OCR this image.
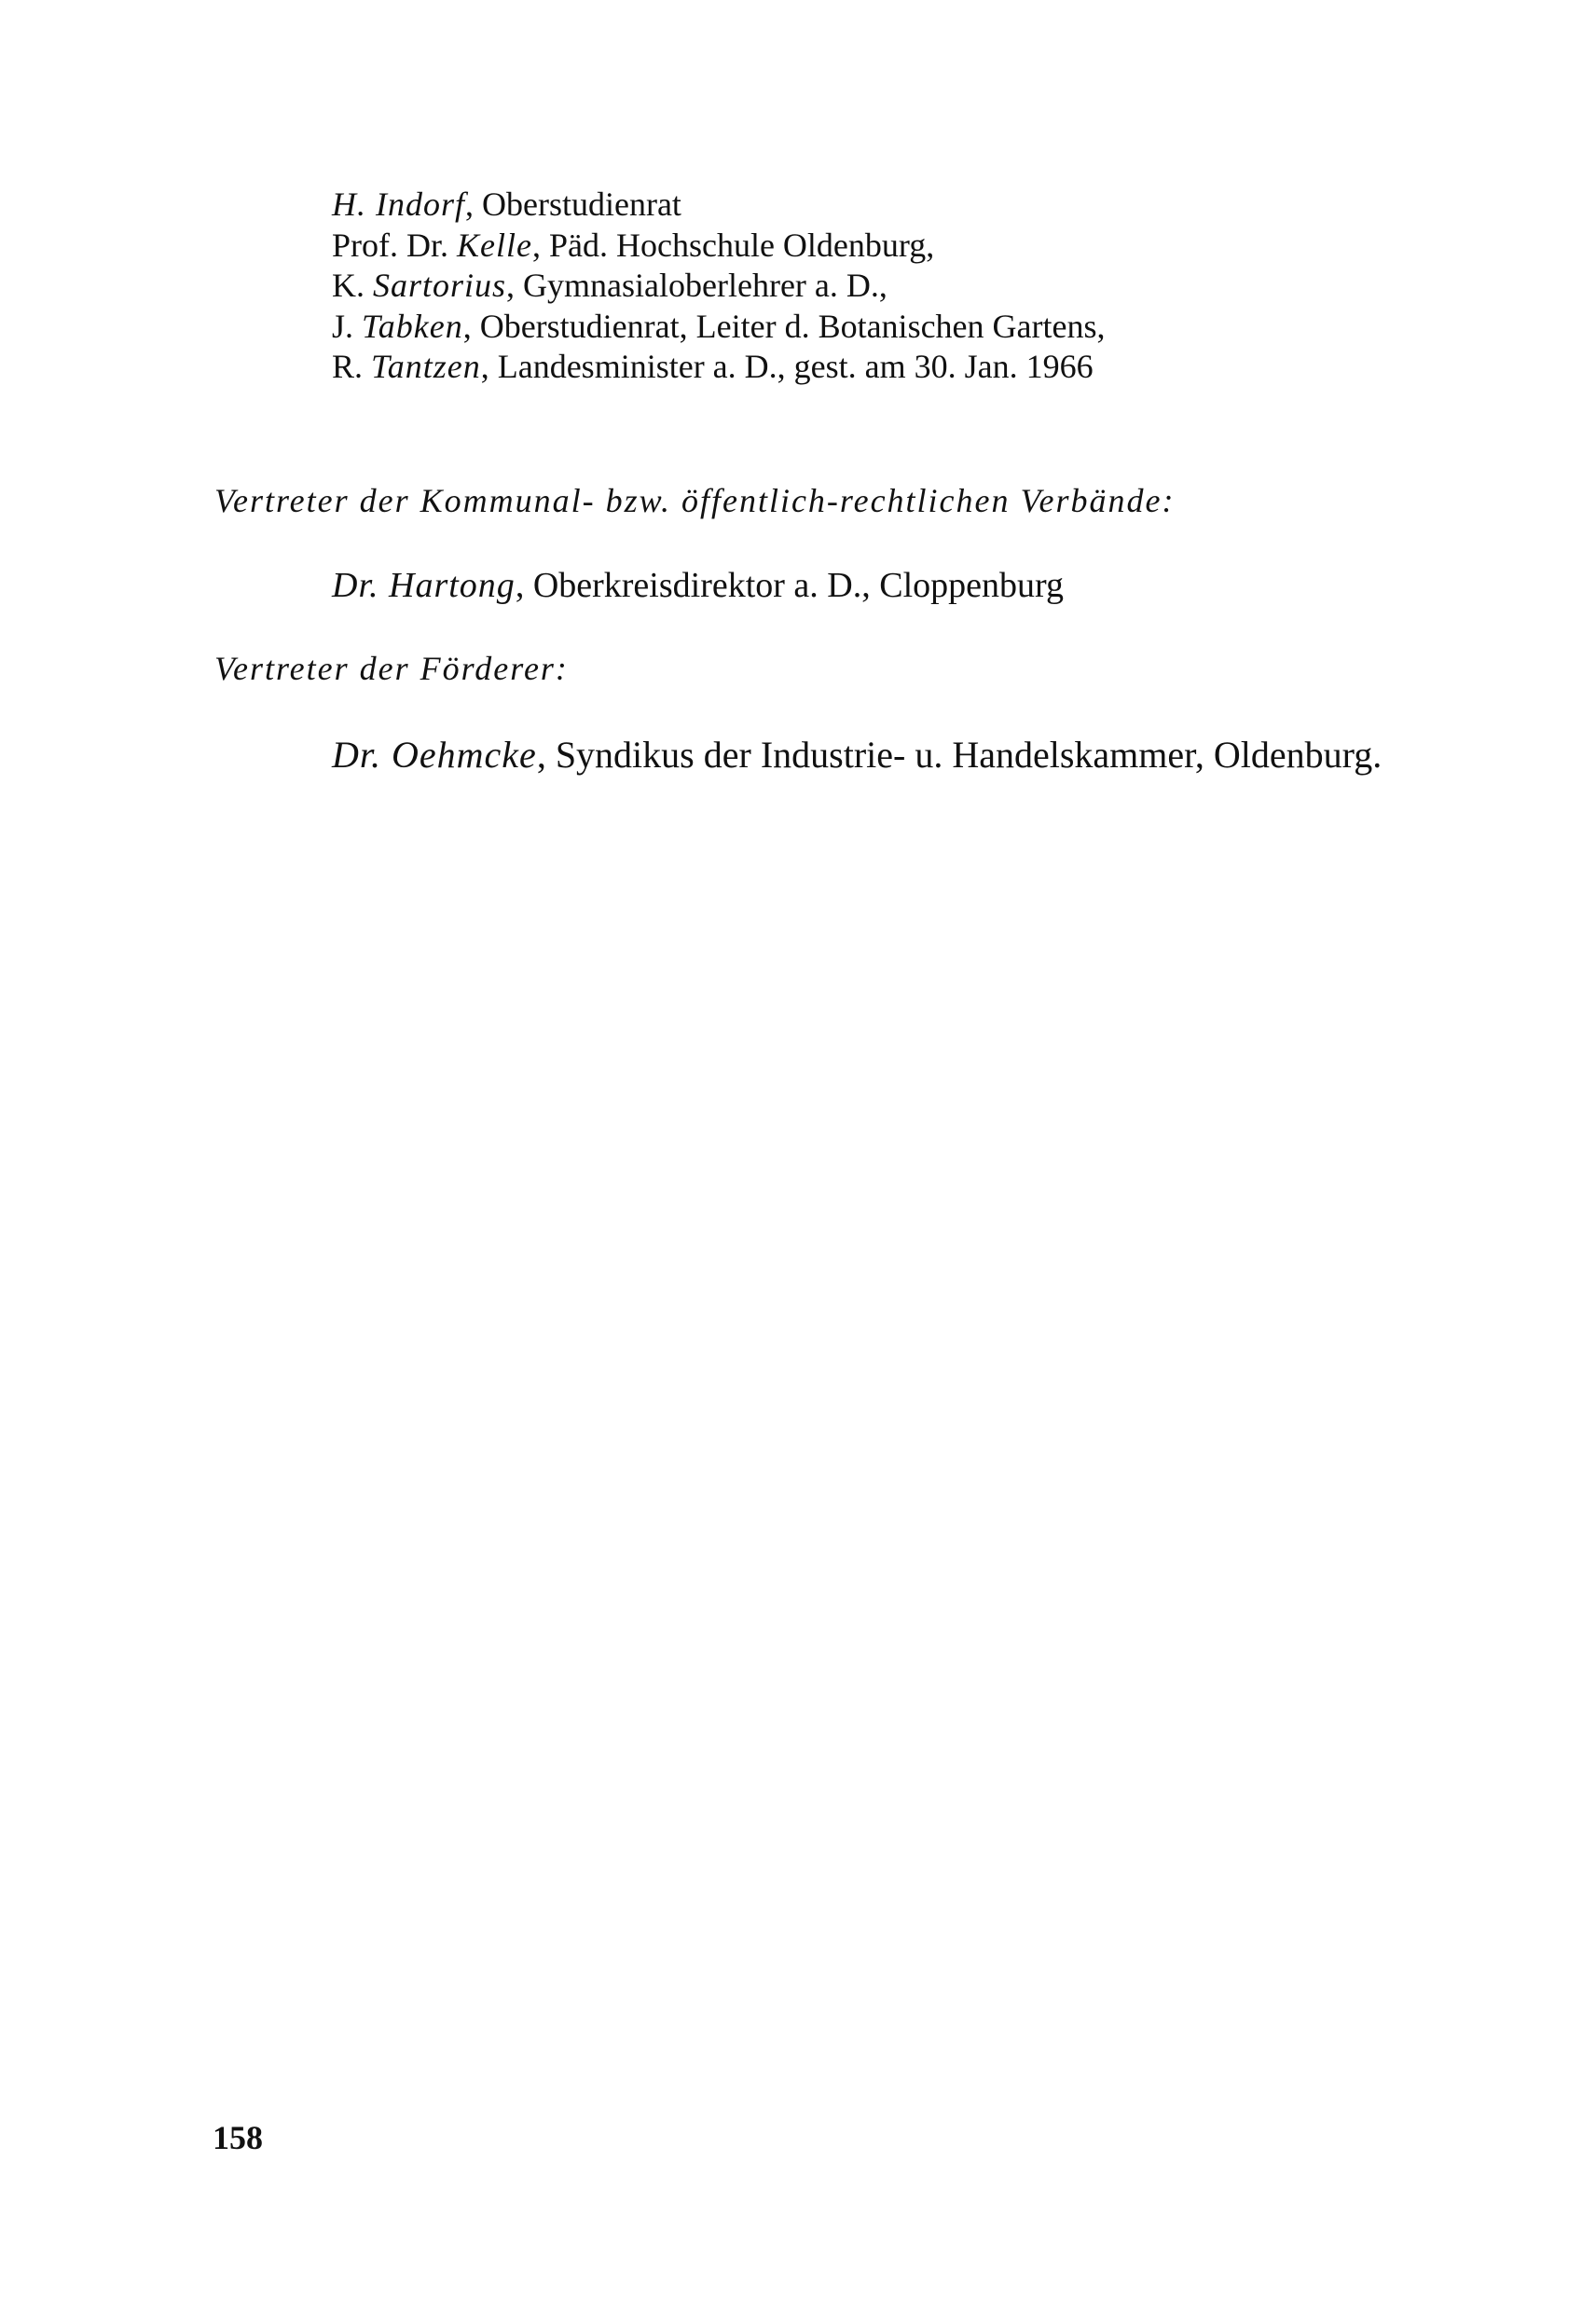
H. Indorf, Oberstudienrat
Prof. Dr. Kelle, Päd. Hochschule Oldenburg,
K. Sartorius, Gymnasialoberlehrer a. D.,
J. Tabken, Oberstudienrat, Leiter d. Botanischen Gartens,
R. Tantzen, Landesminister a. D., gest. am 30. Jan. 1966
Vertreter der Kommunal- bzw. öffentlich-rechtlichen Verbände:
Dr. Hartong, Oberkreisdirektor a. D., Cloppenburg
Vertreter der Förderer:
Dr. Oehmcke, Syndikus der Industrie- u. Handelskammer, Oldenburg.
158
